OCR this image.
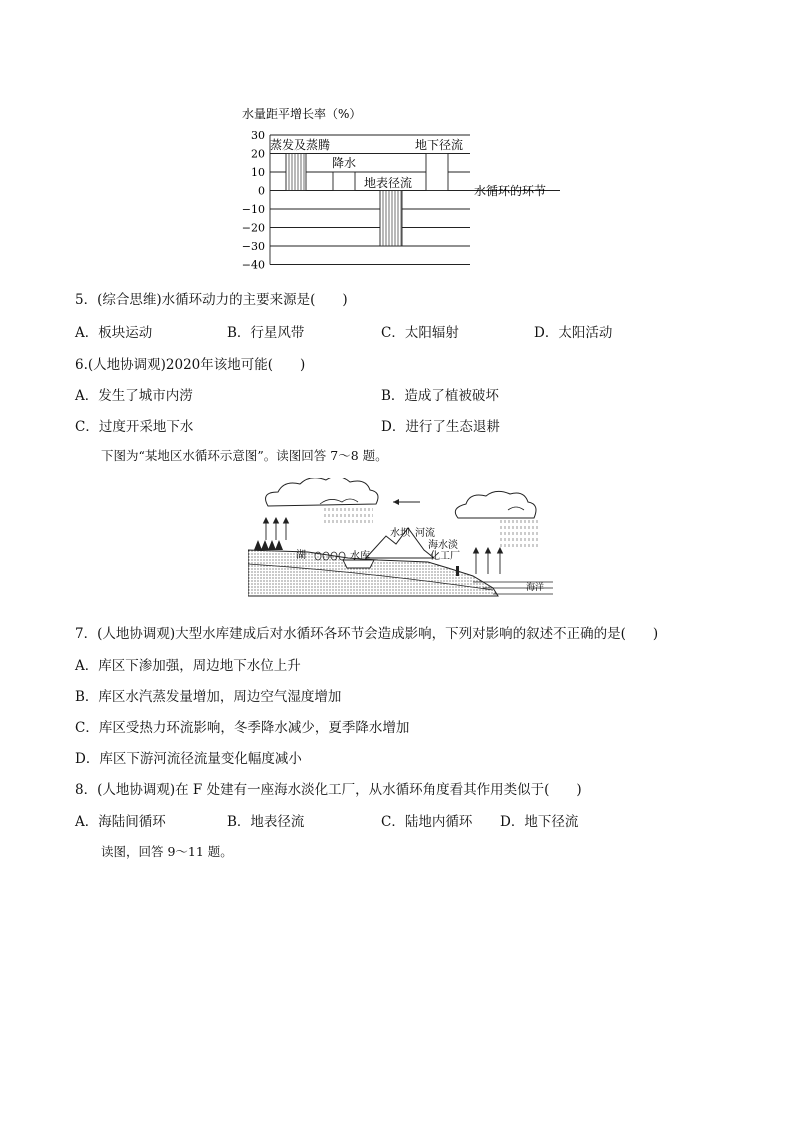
水量距平增长率（%）
30
20
10
0
−10
−20
−30
−40
蒸发及蒸腾
降水
地表径流
地下径流
水循环的环节
5．(综合思维)水循环动力的主要来源是(　　)
A．板块运动	B．行星风带	C．太阳辐射	D．太阳活动
6.(人地协调观)2020年该地可能(　　)
A．发生了城市内涝	B．造成了植被破坏
C．过度开采地下水	D．进行了生态退耕
下图为“某地区水循环示意图”。读图回答 7～8 题。
湖	水库
水坝 河流
海水淡
化工厂
海洋
7．(人地协调观)大型水库建成后对水循环各环节会造成影响，下列对影响的叙述不正确的是(　　)
A．库区下渗加强，周边地下水位上升
B．库区水汽蒸发量增加，周边空气湿度增加
C．库区受热力环流影响，冬季降水减少，夏季降水增加
D．库区下游河流径流量变化幅度减小
8．(人地协调观)在 F 处建有一座海水淡化工厂，从水循环角度看其作用类似于(　　)
A．海陆间循环	B．地表径流	C．陆地内循环 D．地下径流
读图，回答 9～11 题。
